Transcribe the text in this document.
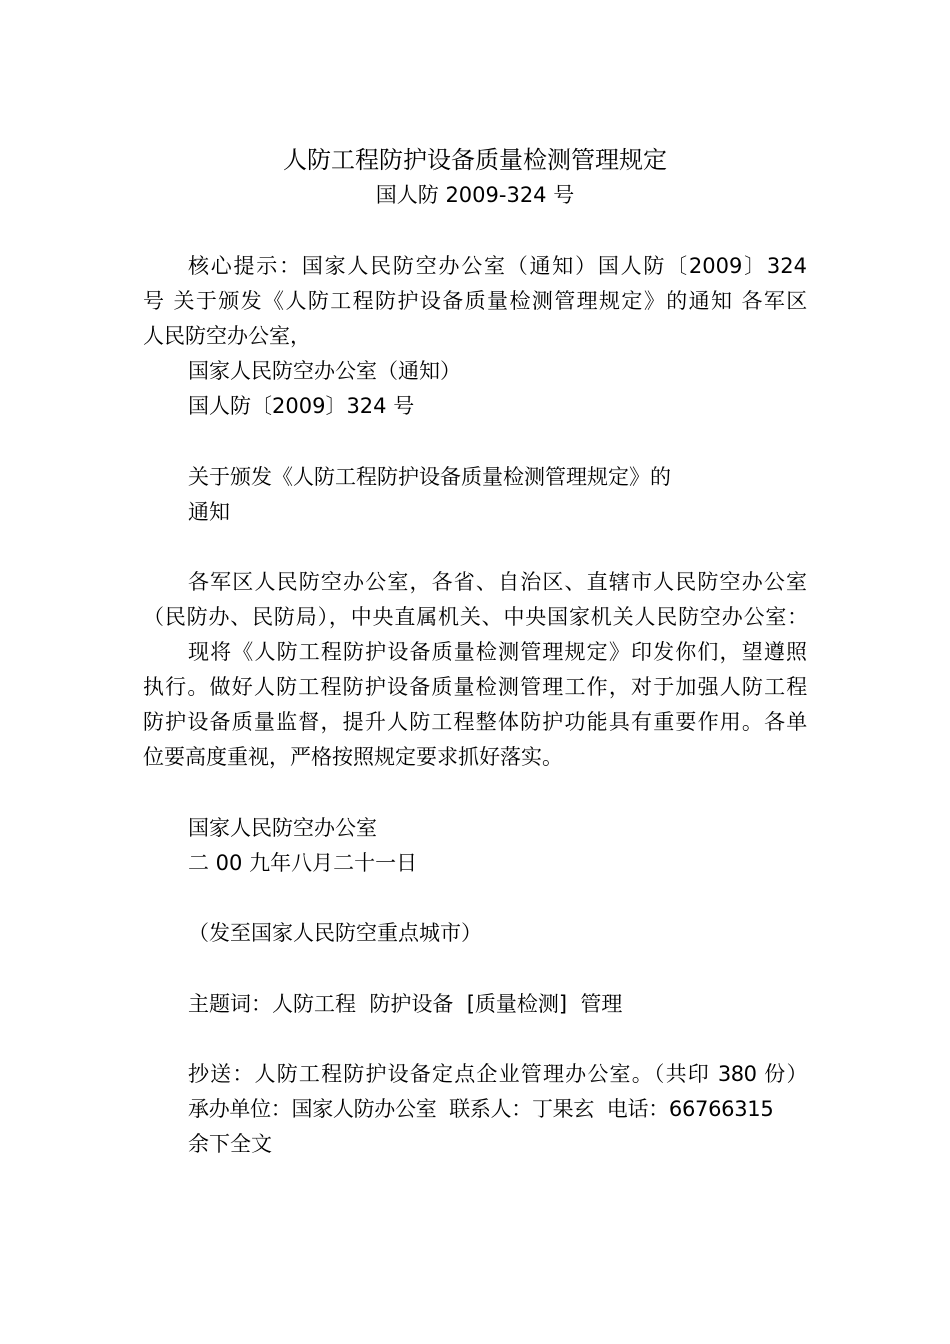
人防工程防护设备质量检测管理规定
国人防 2009-324 号
核心提示：国家人民防空办公室（通知）国人防〔2009〕324
号 关于颁发《人防工程防护设备质量检测管理规定》的通知 各军区
人民防空办公室，
国家人民防空办公室（通知）
国人防〔2009〕324 号
关于颁发《人防工程防护设备质量检测管理规定》的
通知
各军区人民防空办公室，各省、自治区、直辖市人民防空办公室
（民防办、民防局），中央直属机关、中央国家机关人民防空办公室：
现将《人防工程防护设备质量检测管理规定》印发你们，望遵照
执行。做好人防工程防护设备质量检测管理工作，对于加强人防工程
防护设备质量监督，提升人防工程整体防护功能具有重要作用。各单
位要高度重视，严格按照规定要求抓好落实。
国家人民防空办公室
二 00 九年八月二十一日
（发至国家人民防空重点城市）
主题词：人防工程  防护设备  [质量检测]  管理
抄送：人防工程防护设备定点企业管理办公室。（共印 380 份）
承办单位：国家人防办公室  联系人：丁果玄  电话：66766315
余下全文
